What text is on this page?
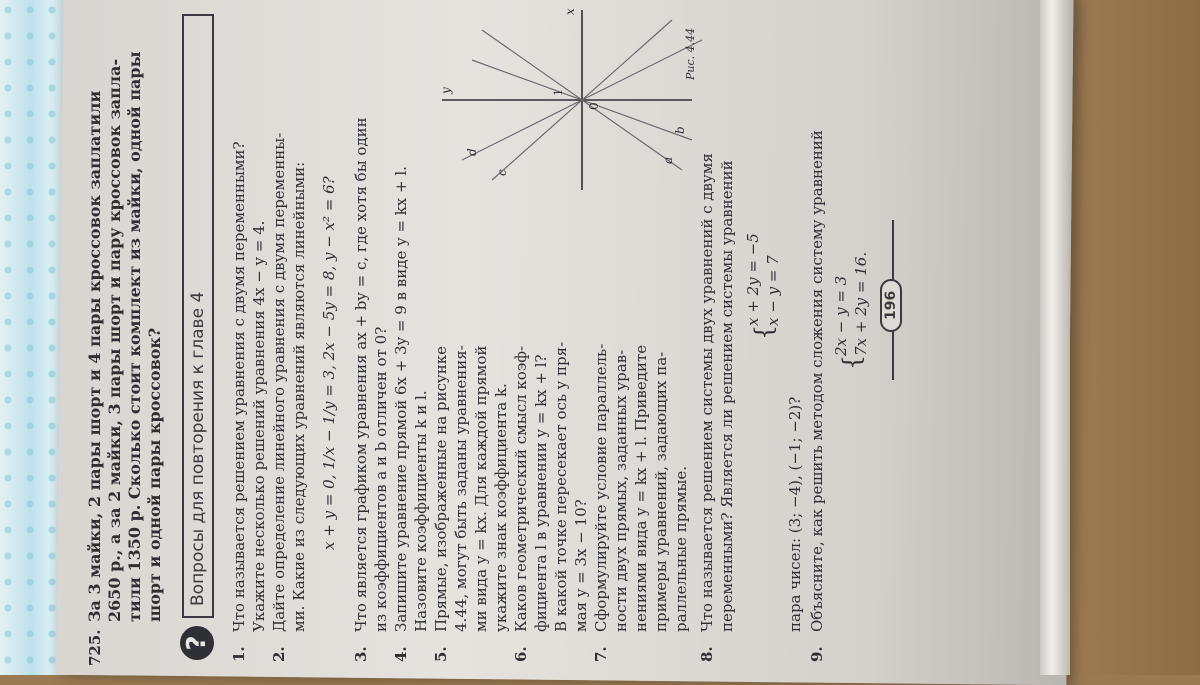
725.
За 3 майки, 2 пары шорт и 4 пары кроссовок заплатили 2650 р., а за 2 майки, 3 пары шорт и пару кроссовок запла- тили 1350 р. Сколько стоит комплект из майки, одной пары шорт и одной пары кроссовок?
?
Вопросы для повторения к главе 4
1.
Что называется решением уравнения с двумя переменными? Укажите несколько решений уравнения 4x − y = 4.
2.
Дайте определение линейного уравнения с двумя переменны- ми. Какие из следующих уравнений являются линейными: x + y = 0, 1/x − 1/y = 3, 2x − 5y = 8, y − x² = 6?
3.
Что является графиком уравнения ax + by = c, где хотя бы один из коэффициентов a и b отличен от 0?
4.
Запишите уравнение прямой 6x + 3y = 9 в виде y = kx + l. Назовите коэффициенты k и l.
5.
Прямые, изображенные на рисунке 4.44, могут быть заданы уравнения- ми вида y = kx. Для каждой прямой укажите знак коэффициента k.
6.
Каков геометрический смысл коэф- фициента l в уравнении y = kx + l? В какой точке пересекает ось y пря- мая y = 3x − 10?
7.
Сформулируйте условие параллель- ности двух прямых, заданных урав- нениями вида y = kx + l. Приведите примеры уравнений, задающих па- раллельные прямые.
8.
Что называется решением системы двух уравнений с двумя переменными? Является ли решением системы уравнений {
x + 2y = −5 x − y = 7
пара чисел: (3; −4), (−1; −2)?
9.
Объясните, как решить методом сложения систему уравнений {
2x − y = 3 7x + 2y = 16. 196
x
y
0
1
a
b
c
d
Рис. 4.44
